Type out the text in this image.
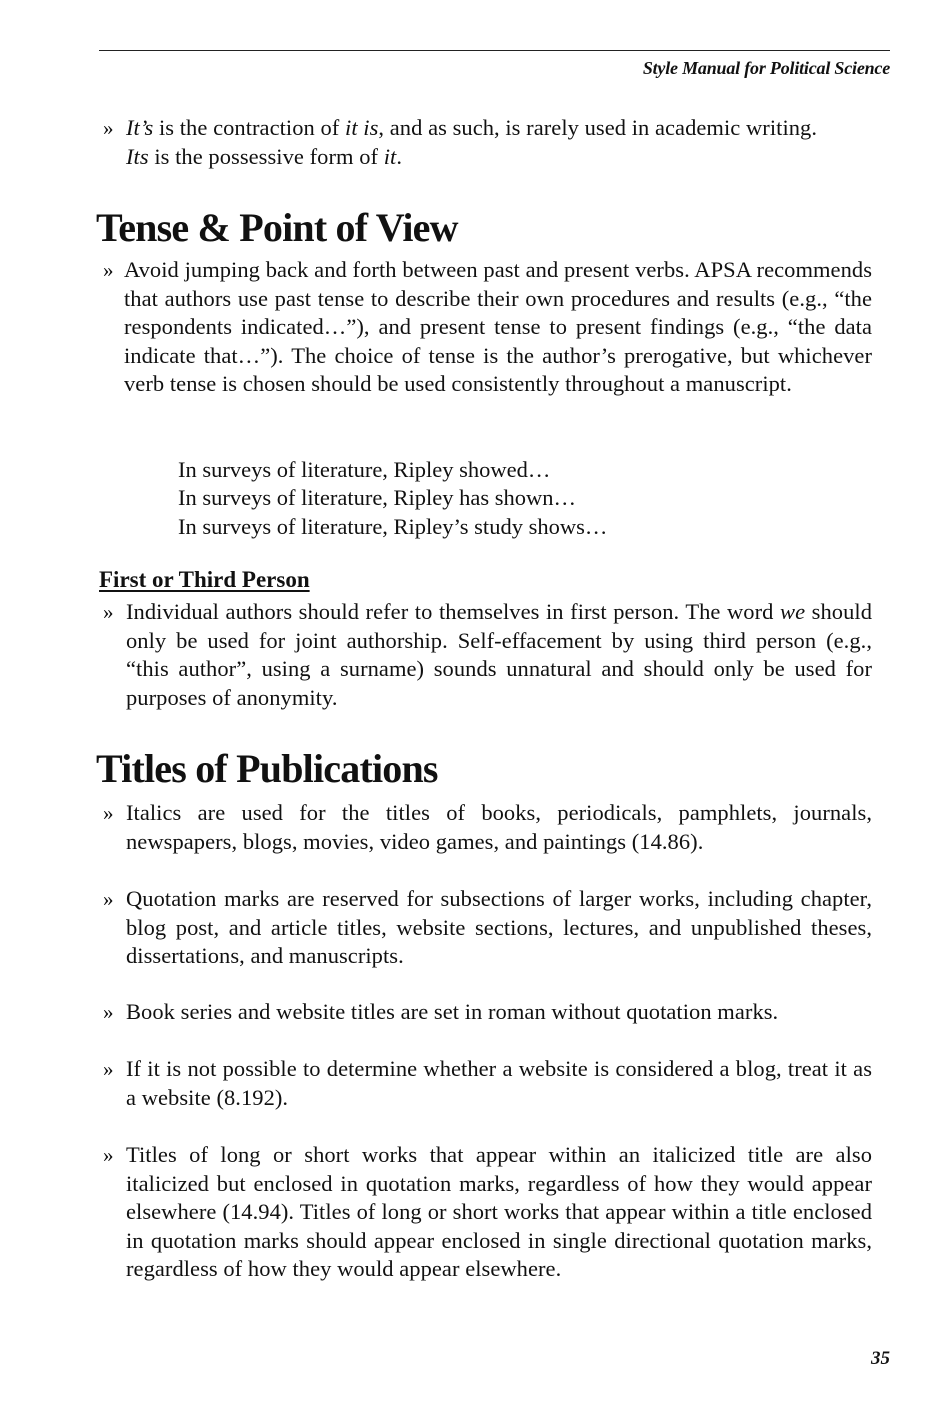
Style Manual for Political Science
» It’s is the contraction of it is, and as such, is rarely used in academic writing.
Its is the possessive form of it.
Tense & Point of View
» Avoid jumping back and forth between past and present verbs. APSA recommends that authors use past tense to describe their own procedures and results (e.g., “the respondents indicated…”), and present tense to present findings (e.g., “the data indicate that…”). The choice of tense is the author’s prerogative, but whichever verb tense is chosen should be used consistently throughout a manuscript.
In surveys of literature, Ripley showed…
In surveys of literature, Ripley has shown…
In surveys of literature, Ripley’s study shows…
First or Third Person
» Individual authors should refer to themselves in first person. The word we should only be used for joint authorship. Self-effacement by using third person (e.g., “this author”, using a surname) sounds unnatural and should only be used for purposes of anonymity.
Titles of Publications
» Italics are used for the titles of books, periodicals, pamphlets, journals, newspapers, blogs, movies, video games, and paintings (14.86).
» Quotation marks are reserved for subsections of larger works, including chapter, blog post, and article titles, website sections, lectures, and unpublished theses, dissertations, and manuscripts.
» Book series and website titles are set in roman without quotation marks.
» If it is not possible to determine whether a website is considered a blog, treat it as a website (8.192).
» Titles of long or short works that appear within an italicized title are also italicized but enclosed in quotation marks, regardless of how they would appear elsewhere (14.94). Titles of long or short works that appear within a title enclosed in quotation marks should appear enclosed in single directional quotation marks, regardless of how they would appear elsewhere.
35
